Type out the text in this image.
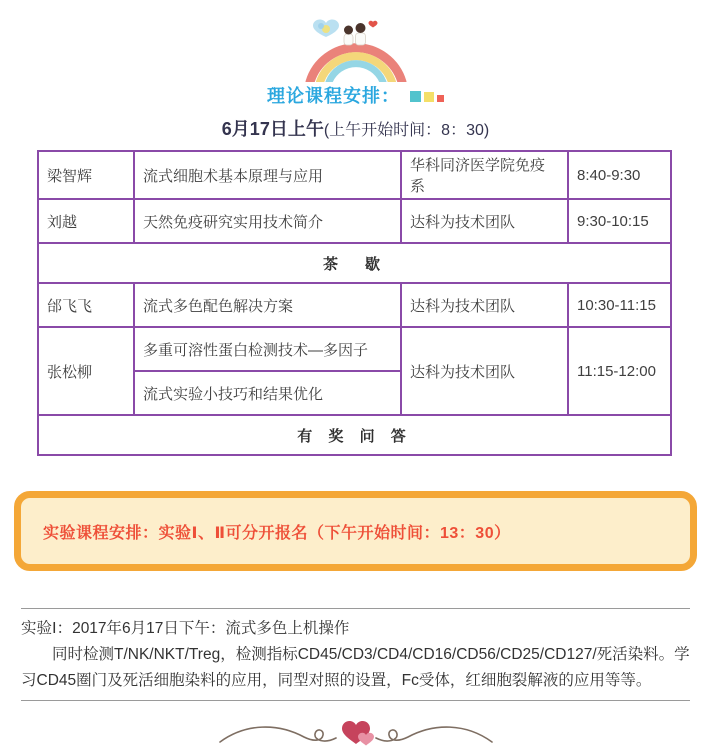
理论课程安排：
6月17日上午(上午开始时间：8：30)
梁智辉	流式细胞术基本原理与应用	华科同济医学院免疫系	8:40-9:30
刘越	天然免疫研究实用技术简介	达科为技术团队	9:30-10:15
茶　歇			
邰飞飞	流式多色配色解决方案	达科为技术团队	10:30-11:15
张松柳	多重可溶性蛋白检测技术—多因子	达科为技术团队	11:15-12:00
	流式实验小技巧和结果优化		
有 奖 问 答			
实验课程安排：实验Ⅰ、Ⅱ可分开报名（下午开始时间：13：30）

实验Ⅰ：2017年6月17日下午：流式多色上机操作

同时检测T/NK/NKT/Treg，检测指标CD45/CD3/CD4/CD16/CD56/CD25/CD127/死活染料。学习CD45圈门及死活细胞染料的应用，同型对照的设置，Fc受体，红细胞裂解液的应用等等。
